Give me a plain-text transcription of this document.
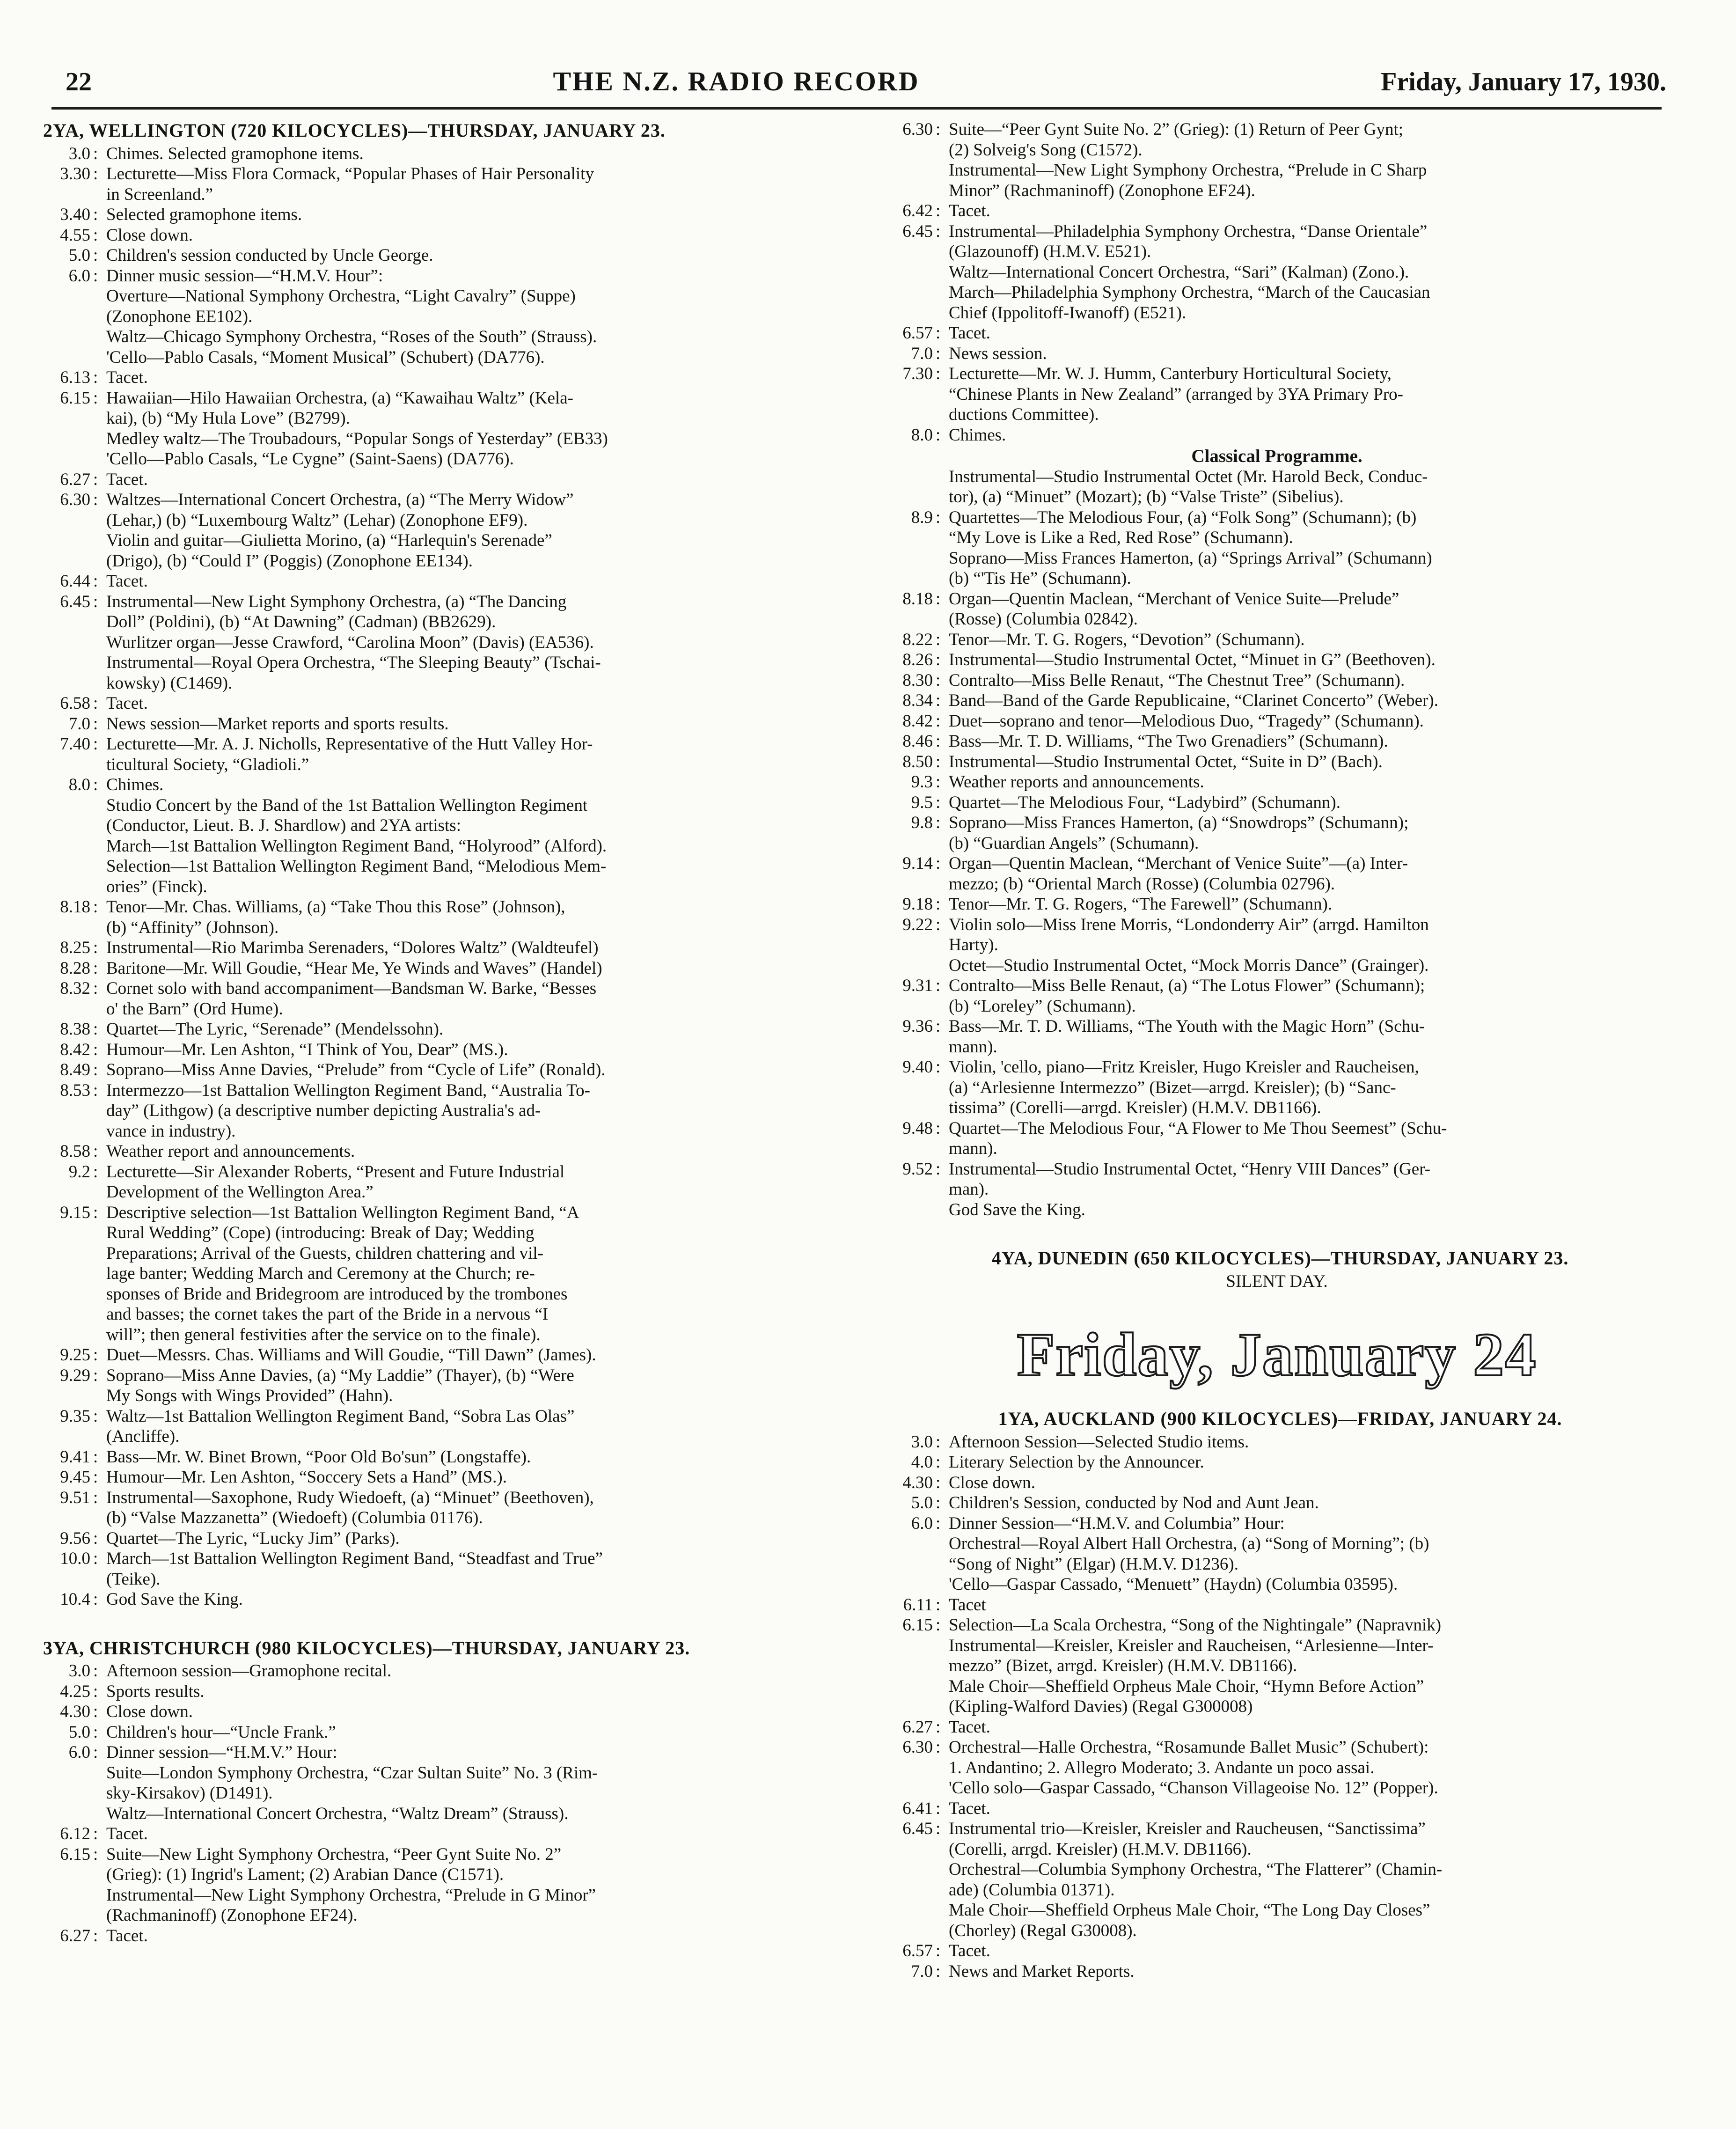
22	THE N.Z. RADIO RECORD	Friday, January 17, 1930.
2YA, WELLINGTON (720 KILOCYCLES)—THURSDAY, JANUARY 23.
3.0 : Chimes. Selected gramophone items.
3.30 : Lecturette—Miss Flora Cormack, “Popular Phases of Hair Personality
in Screenland.”
3.40 : Selected gramophone items.
4.55 : Close down.
5.0 : Children's session conducted by Uncle George.
6.0 : Dinner music session—“H.M.V. Hour”:
Overture—National Symphony Orchestra, “Light Cavalry” (Suppe)
(Zonophone EE102).
Waltz—Chicago Symphony Orchestra, “Roses of the South” (Strauss).
'Cello—Pablo Casals, “Moment Musical” (Schubert) (DA776).
6.13 : Tacet.
6.15 : Hawaiian—Hilo Hawaiian Orchestra, (a) “Kawaihau Waltz” (Kela-
kai), (b) “My Hula Love” (B2799).
Medley waltz—The Troubadours, “Popular Songs of Yesterday” (EB33)
'Cello—Pablo Casals, “Le Cygne” (Saint-Saens) (DA776).
6.27 : Tacet.
6.30 : Waltzes—International Concert Orchestra, (a) “The Merry Widow”
(Lehar,) (b) “Luxembourg Waltz” (Lehar) (Zonophone EF9).
Violin and guitar—Giulietta Morino, (a) “Harlequin's Serenade”
(Drigo), (b) “Could I” (Poggis) (Zonophone EE134).
6.44 : Tacet.
6.45 : Instrumental—New Light Symphony Orchestra, (a) “The Dancing
Doll” (Poldini), (b) “At Dawning” (Cadman) (BB2629).
Wurlitzer organ—Jesse Crawford, “Carolina Moon” (Davis) (EA536).
Instrumental—Royal Opera Orchestra, “The Sleeping Beauty” (Tschai-
kowsky) (C1469).
6.58 : Tacet.
7.0 : News session—Market reports and sports results.
7.40 : Lecturette—Mr. A. J. Nicholls, Representative of the Hutt Valley Hor-
ticultural Society, “Gladioli.”
8.0 : Chimes.
Studio Concert by the Band of the 1st Battalion Wellington Regiment
(Conductor, Lieut. B. J. Shardlow) and 2YA artists:
March—1st Battalion Wellington Regiment Band, “Holyrood” (Alford).
Selection—1st Battalion Wellington Regiment Band, “Melodious Mem-
ories” (Finck).
8.18 : Tenor—Mr. Chas. Williams, (a) “Take Thou this Rose” (Johnson),
(b) “Affinity” (Johnson).
8.25 : Instrumental—Rio Marimba Serenaders, “Dolores Waltz” (Waldteufel)
8.28 : Baritone—Mr. Will Goudie, “Hear Me, Ye Winds and Waves” (Handel)
8.32 : Cornet solo with band accompaniment—Bandsman W. Barke, “Besses
o' the Barn” (Ord Hume).
8.38 : Quartet—The Lyric, “Serenade” (Mendelssohn).
8.42 : Humour—Mr. Len Ashton, “I Think of You, Dear” (MS.).
8.49 : Soprano—Miss Anne Davies, “Prelude” from “Cycle of Life” (Ronald).
8.53 : Intermezzo—1st Battalion Wellington Regiment Band, “Australia To-
day” (Lithgow) (a descriptive number depicting Australia's ad-
vance in industry).
8.58 : Weather report and announcements.
9.2 : Lecturette—Sir Alexander Roberts, “Present and Future Industrial
Development of the Wellington Area.”
9.15 : Descriptive selection—1st Battalion Wellington Regiment Band, “A
Rural Wedding” (Cope) (introducing: Break of Day; Wedding
Preparations; Arrival of the Guests, children chattering and vil-
lage banter; Wedding March and Ceremony at the Church; re-
sponses of Bride and Bridegroom are introduced by the trombones
and basses; the cornet takes the part of the Bride in a nervous “I
will”; then general festivities after the service on to the finale).
9.25 : Duet—Messrs. Chas. Williams and Will Goudie, “Till Dawn” (James).
9.29 : Soprano—Miss Anne Davies, (a) “My Laddie” (Thayer), (b) “Were
My Songs with Wings Provided” (Hahn).
9.35 : Waltz—1st Battalion Wellington Regiment Band, “Sobra Las Olas”
(Ancliffe).
9.41 : Bass—Mr. W. Binet Brown, “Poor Old Bo'sun” (Longstaffe).
9.45 : Humour—Mr. Len Ashton, “Soccery Sets a Hand” (MS.).
9.51 : Instrumental—Saxophone, Rudy Wiedoeft, (a) “Minuet” (Beethoven),
(b) “Valse Mazzanetta” (Wiedoeft) (Columbia 01176).
9.56 : Quartet—The Lyric, “Lucky Jim” (Parks).
10.0 : March—1st Battalion Wellington Regiment Band, “Steadfast and True”
(Teike).
10.4 : God Save the King.
3YA, CHRISTCHURCH (980 KILOCYCLES)—THURSDAY, JANUARY 23.
3.0 : Afternoon session—Gramophone recital.
4.25 : Sports results.
4.30 : Close down.
5.0 : Children's hour—“Uncle Frank.”
6.0 : Dinner session—“H.M.V.” Hour:
Suite—London Symphony Orchestra, “Czar Sultan Suite” No. 3 (Rim-
sky-Kirsakov) (D1491).
Waltz—International Concert Orchestra, “Waltz Dream” (Strauss).
6.12 : Tacet.
6.15 : Suite—New Light Symphony Orchestra, “Peer Gynt Suite No. 2”
(Grieg): (1) Ingrid's Lament; (2) Arabian Dance (C1571).
Instrumental—New Light Symphony Orchestra, “Prelude in G Minor”
(Rachmaninoff) (Zonophone EF24).
6.27 : Tacet.
6.30 : Suite—“Peer Gynt Suite No. 2” (Grieg): (1) Return of Peer Gynt;
(2) Solveig's Song (C1572).
Instrumental—New Light Symphony Orchestra, “Prelude in C Sharp
Minor” (Rachmaninoff) (Zonophone EF24).
6.42 : Tacet.
6.45 : Instrumental—Philadelphia Symphony Orchestra, “Danse Orientale”
(Glazounoff) (H.M.V. E521).
Waltz—International Concert Orchestra, “Sari” (Kalman) (Zono.).
March—Philadelphia Symphony Orchestra, “March of the Caucasian
Chief (Ippolitoff-Iwanoff) (E521).
6.57 : Tacet.
7.0 : News session.
7.30 : Lecturette—Mr. W. J. Humm, Canterbury Horticultural Society,
“Chinese Plants in New Zealand” (arranged by 3YA Primary Pro-
ductions Committee).
8.0 : Chimes.
Classical Programme.
Instrumental—Studio Instrumental Octet (Mr. Harold Beck, Conduc-
tor), (a) “Minuet” (Mozart); (b) “Valse Triste” (Sibelius).
8.9 : Quartettes—The Melodious Four, (a) “Folk Song” (Schumann); (b)
“My Love is Like a Red, Red Rose” (Schumann).
Soprano—Miss Frances Hamerton, (a) “Springs Arrival” (Schumann)
(b) “'Tis He” (Schumann).
8.18 : Organ—Quentin Maclean, “Merchant of Venice Suite—Prelude”
(Rosse) (Columbia 02842).
8.22 : Tenor—Mr. T. G. Rogers, “Devotion” (Schumann).
8.26 : Instrumental—Studio Instrumental Octet, “Minuet in G” (Beethoven).
8.30 : Contralto—Miss Belle Renaut, “The Chestnut Tree” (Schumann).
8.34 : Band—Band of the Garde Republicaine, “Clarinet Concerto” (Weber).
8.42 : Duet—soprano and tenor—Melodious Duo, “Tragedy” (Schumann).
8.46 : Bass—Mr. T. D. Williams, “The Two Grenadiers” (Schumann).
8.50 : Instrumental—Studio Instrumental Octet, “Suite in D” (Bach).
9.3 : Weather reports and announcements.
9.5 : Quartet—The Melodious Four, “Ladybird” (Schumann).
9.8 : Soprano—Miss Frances Hamerton, (a) “Snowdrops” (Schumann);
(b) “Guardian Angels” (Schumann).
9.14 : Organ—Quentin Maclean, “Merchant of Venice Suite”—(a) Inter-
mezzo; (b) “Oriental March (Rosse) (Columbia 02796).
9.18 : Tenor—Mr. T. G. Rogers, “The Farewell” (Schumann).
9.22 : Violin solo—Miss Irene Morris, “Londonderry Air” (arrgd. Hamilton
Harty).
Octet—Studio Instrumental Octet, “Mock Morris Dance” (Grainger).
9.31 : Contralto—Miss Belle Renaut, (a) “The Lotus Flower” (Schumann);
(b) “Loreley” (Schumann).
9.36 : Bass—Mr. T. D. Williams, “The Youth with the Magic Horn” (Schu-
mann).
9.40 : Violin, 'cello, piano—Fritz Kreisler, Hugo Kreisler and Raucheisen,
(a) “Arlesienne Intermezzo” (Bizet—arrgd. Kreisler); (b) “Sanc-
tissima” (Corelli—arrgd. Kreisler) (H.M.V. DB1166).
9.48 : Quartet—The Melodious Four, “A Flower to Me Thou Seemest” (Schu-
mann).
9.52 : Instrumental—Studio Instrumental Octet, “Henry VIII Dances” (Ger-
man).
God Save the King.
4YA, DUNEDIN (650 KILOCYCLES)—THURSDAY, JANUARY 23.
SILENT DAY.
Friday, January 24
1YA, AUCKLAND (900 KILOCYCLES)—FRIDAY, JANUARY 24.
3.0 : Afternoon Session—Selected Studio items.
4.0 : Literary Selection by the Announcer.
4.30 : Close down.
5.0 : Children's Session, conducted by Nod and Aunt Jean.
6.0 : Dinner Session—“H.M.V. and Columbia” Hour:
Orchestral—Royal Albert Hall Orchestra, (a) “Song of Morning”; (b)
“Song of Night” (Elgar) (H.M.V. D1236).
'Cello—Gaspar Cassado, “Menuett” (Haydn) (Columbia 03595).
6.11 : Tacet
6.15 : Selection—La Scala Orchestra, “Song of the Nightingale” (Napravnik)
Instrumental—Kreisler, Kreisler and Raucheisen, “Arlesienne—Inter-
mezzo” (Bizet, arrgd. Kreisler) (H.M.V. DB1166).
Male Choir—Sheffield Orpheus Male Choir, “Hymn Before Action”
(Kipling-Walford Davies) (Regal G300008)
6.27 : Tacet.
6.30 : Orchestral—Halle Orchestra, “Rosamunde Ballet Music” (Schubert):
1. Andantino; 2. Allegro Moderato; 3. Andante un poco assai.
'Cello solo—Gaspar Cassado, “Chanson Villageoise No. 12” (Popper).
6.41 : Tacet.
6.45 : Instrumental trio—Kreisler, Kreisler and Raucheusen, “Sanctissima”
(Corelli, arrgd. Kreisler) (H.M.V. DB1166).
Orchestral—Columbia Symphony Orchestra, “The Flatterer” (Chamin-
ade) (Columbia 01371).
Male Choir—Sheffield Orpheus Male Choir, “The Long Day Closes”
(Chorley) (Regal G30008).
6.57 : Tacet.
7.0 : News and Market Reports.
